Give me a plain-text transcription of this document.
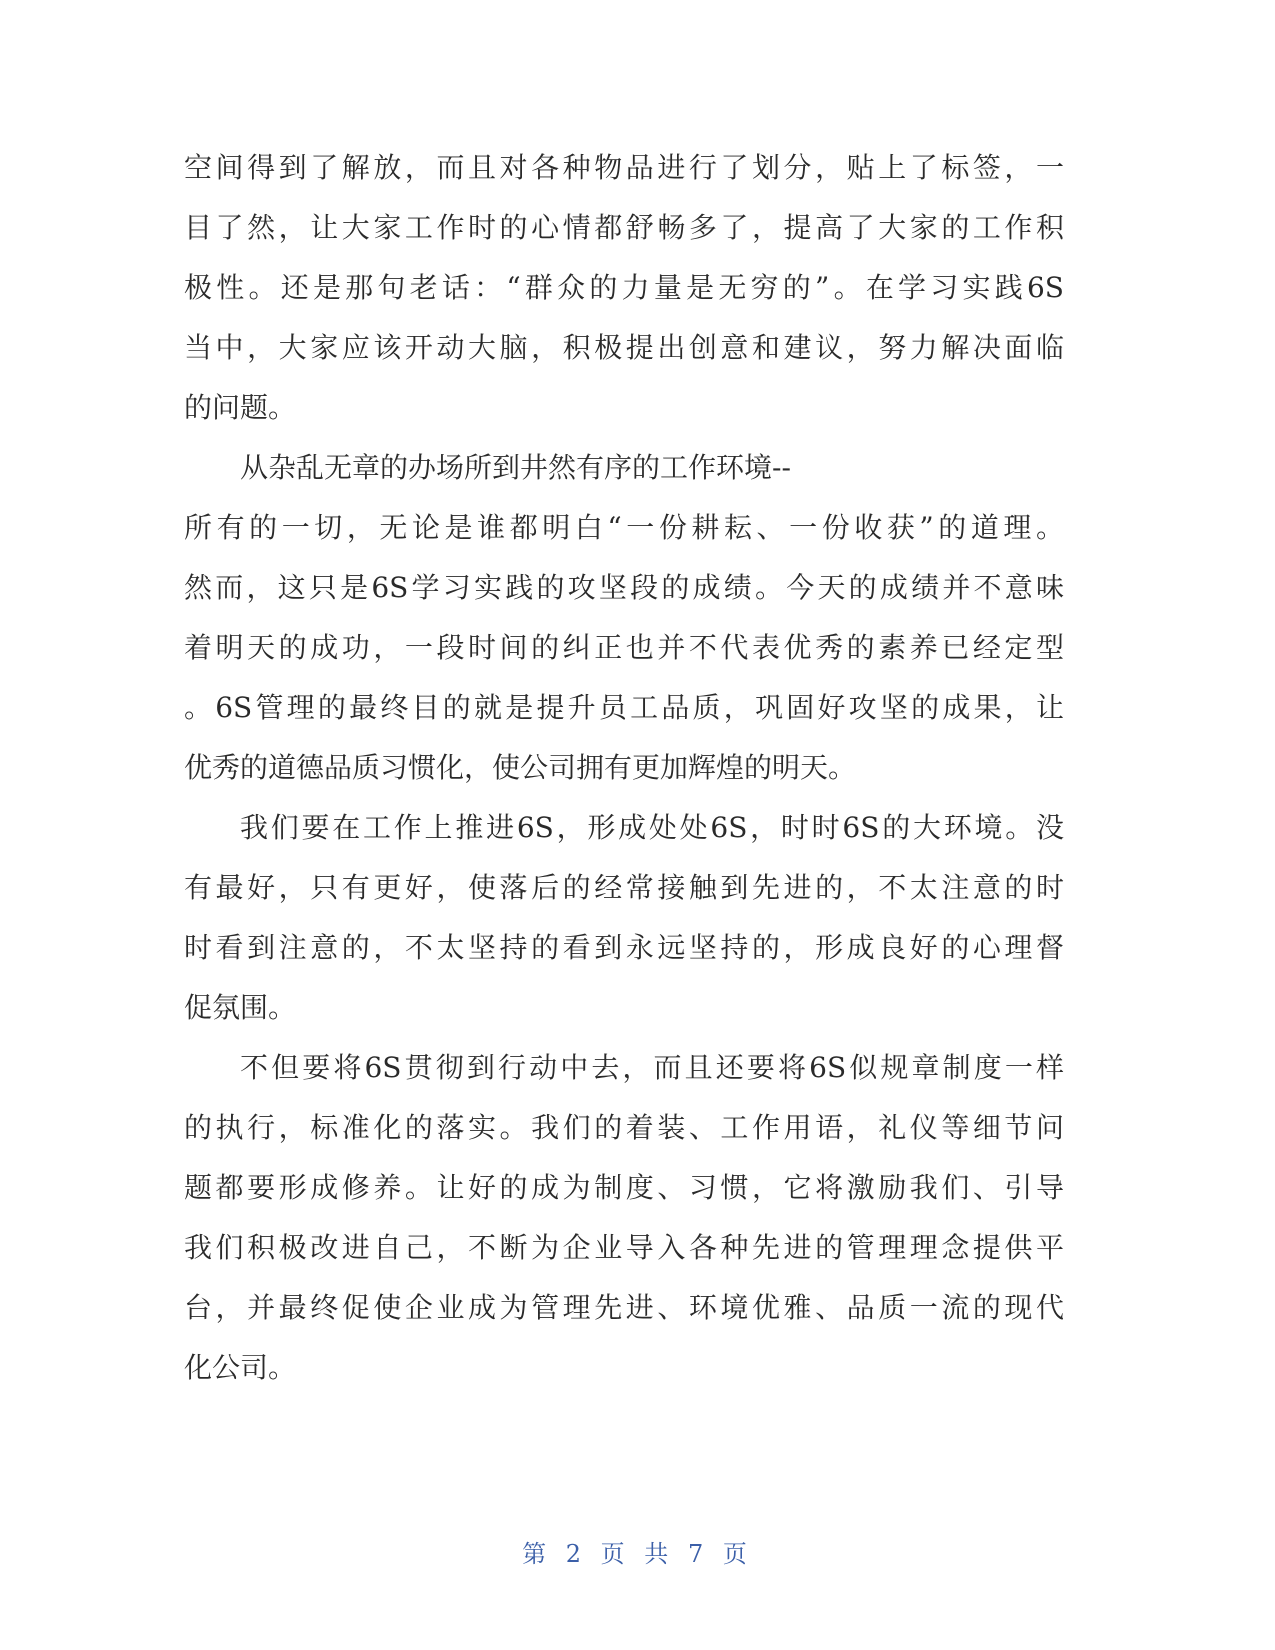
空间得到了解放，而且对各种物品进行了划分，贴上了标签，一
目了然，让大家工作时的心情都舒畅多了，提高了大家的工作积
极性。还是那句老话：“群众的力量是无穷的”。在学习实践6S
当中，大家应该开动大脑，积极提出创意和建议，努力解决面临
的问题。
从杂乱无章的办场所到井然有序的工作环境--
所有的一切，无论是谁都明白“一份耕耘、一份收获”的道理。
然而，这只是6S学习实践的攻坚段的成绩。今天的成绩并不意味
着明天的成功，一段时间的纠正也并不代表优秀的素养已经定型
。6S管理的最终目的就是提升员工品质，巩固好攻坚的成果，让
优秀的道德品质习惯化，使公司拥有更加辉煌的明天。
我们要在工作上推进6S，形成处处6S，时时6S的大环境。没
有最好，只有更好，使落后的经常接触到先进的，不太注意的时
时看到注意的，不太坚持的看到永远坚持的，形成良好的心理督
促氛围。
不但要将6S贯彻到行动中去，而且还要将6S似规章制度一样
的执行，标准化的落实。我们的着装、工作用语，礼仪等细节问
题都要形成修养。让好的成为制度、习惯，它将激励我们、引导
我们积极改进自己，不断为企业导入各种先进的管理理念提供平
台，并最终促使企业成为管理先进、环境优雅、品质一流的现代
化公司。
第 2 页 共 7 页
